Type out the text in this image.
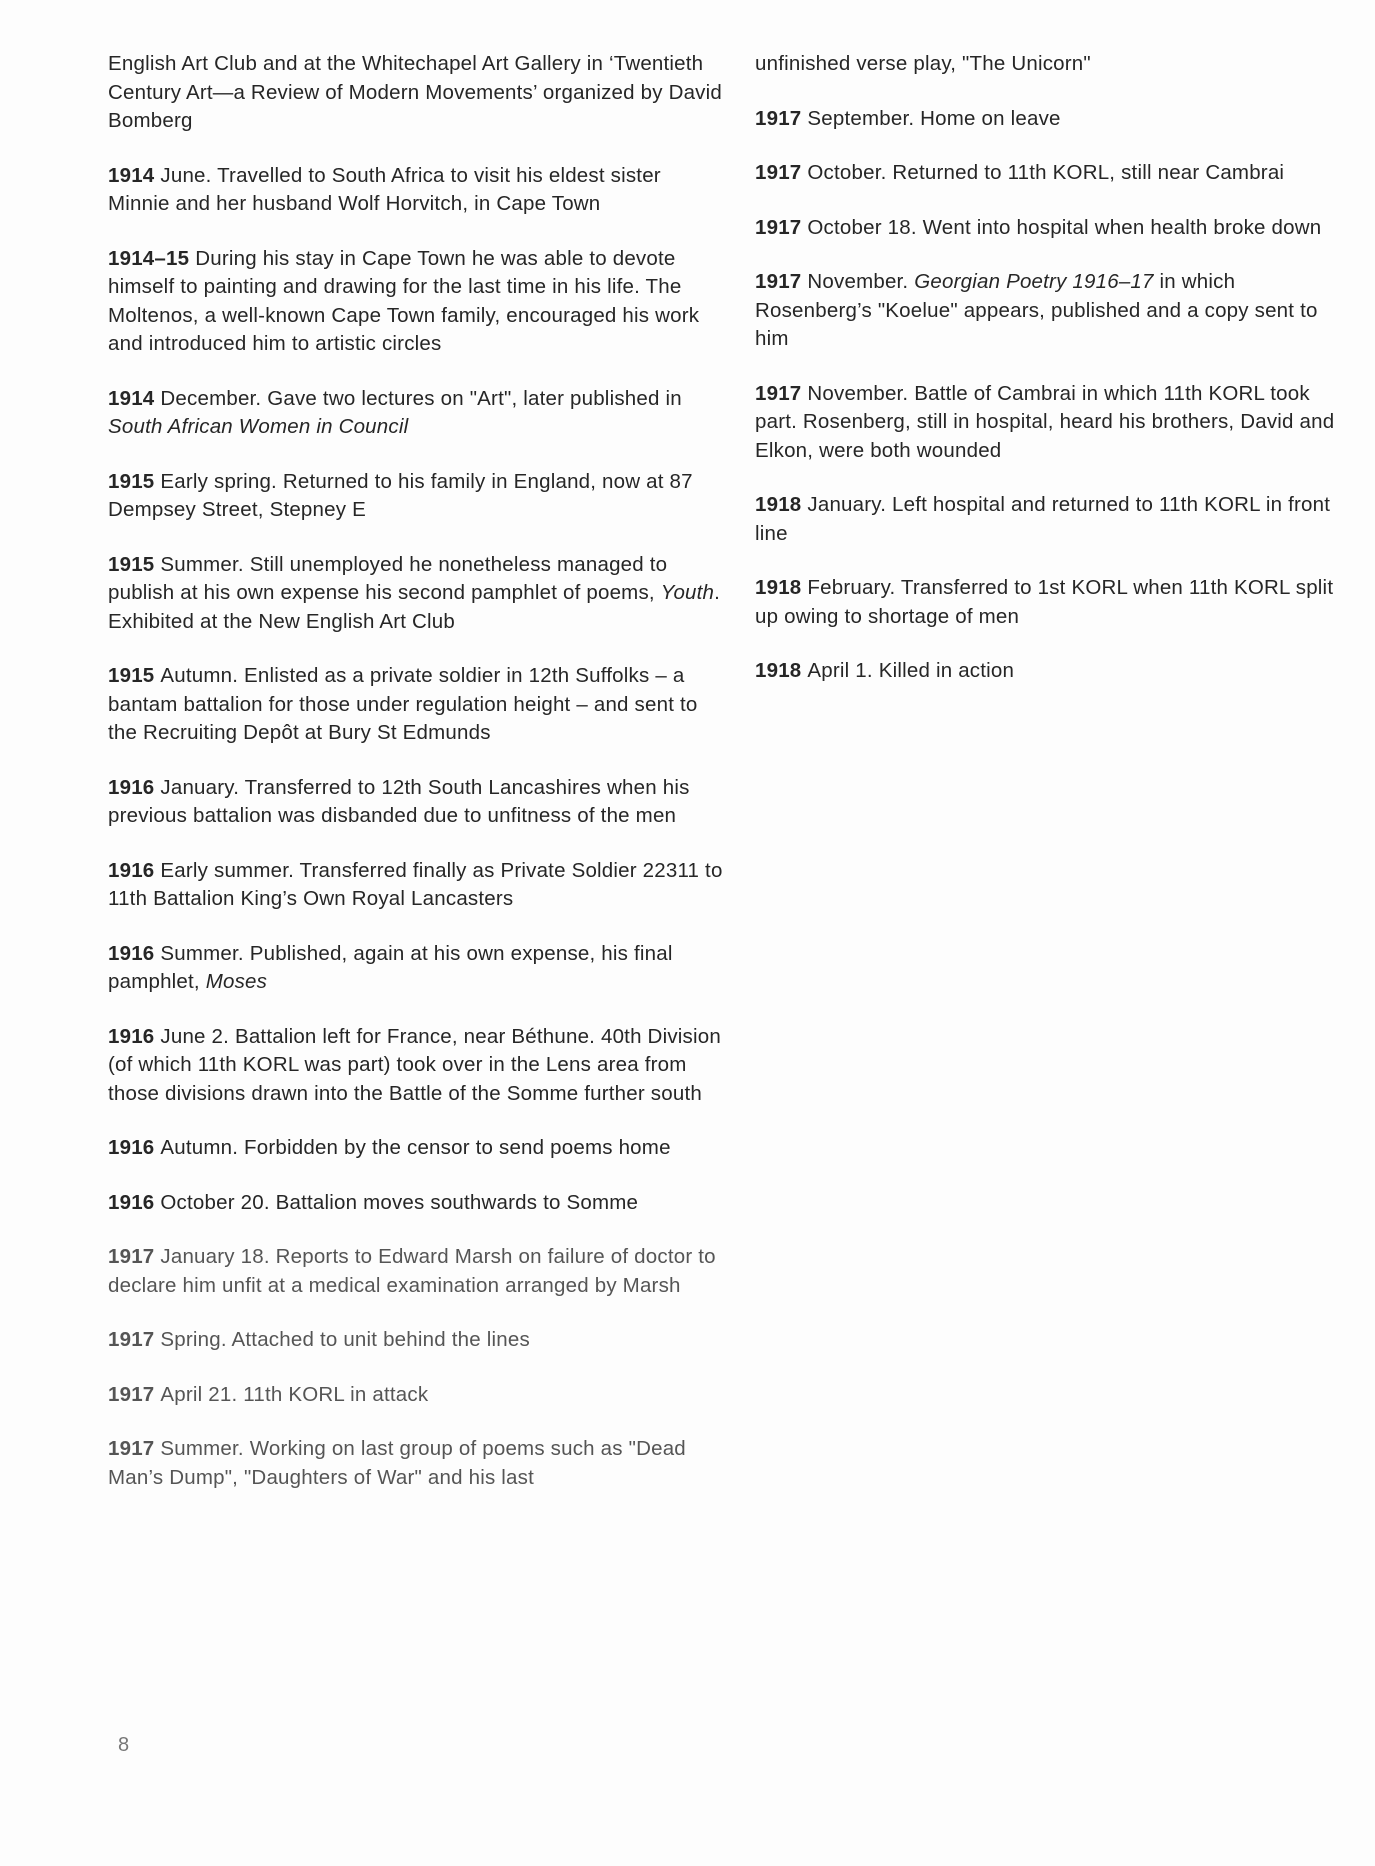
English Art Club and at the Whitechapel Art Gallery in ‘Twentieth Century Art—a Review of Modern Movements’ organized by David Bomberg

1914 June. Travelled to South Africa to visit his eldest sister Minnie and her husband Wolf Horvitch, in Cape Town

1914–15 During his stay in Cape Town he was able to devote himself to painting and drawing for the last time in his life. The Moltenos, a well-known Cape Town family, encouraged his work and introduced him to artistic circles

1914 December. Gave two lectures on "Art", later published in South African Women in Council

1915 Early spring. Returned to his family in England, now at 87 Dempsey Street, Stepney E

1915 Summer. Still unemployed he nonetheless managed to publish at his own expense his second pamphlet of poems, Youth. Exhibited at the New English Art Club

1915 Autumn. Enlisted as a private soldier in 12th Suffolks – a bantam battalion for those under regulation height – and sent to the Recruiting Depôt at Bury St Edmunds

1916 January. Transferred to 12th South Lancashires when his previous battalion was disbanded due to unfitness of the men

1916 Early summer. Transferred finally as Private Soldier 22311 to 11th Battalion King’s Own Royal Lancasters

1916 Summer. Published, again at his own expense, his final pamphlet, Moses

1916 June 2. Battalion left for France, near Béthune. 40th Division (of which 11th KORL was part) took over in the Lens area from those divisions drawn into the Battle of the Somme further south

1916 Autumn. Forbidden by the censor to send poems home

1916 October 20. Battalion moves southwards to Somme

1917 January 18. Reports to Edward Marsh on failure of doctor to declare him unfit at a medical examination arranged by Marsh

1917 Spring. Attached to unit behind the lines

1917 April 21. 11th KORL in attack

1917 Summer. Working on last group of poems such as "Dead Man’s Dump", "Daughters of War" and his last

unfinished verse play, "The Unicorn"

1917 September. Home on leave

1917 October. Returned to 11th KORL, still near Cambrai

1917 October 18. Went into hospital when health broke down

1917 November. Georgian Poetry 1916–17 in which Rosenberg’s "Koelue" appears, published and a copy sent to him

1917 November. Battle of Cambrai in which 11th KORL took part. Rosenberg, still in hospital, heard his brothers, David and Elkon, were both wounded

1918 January. Left hospital and returned to 11th KORL in front line

1918 February. Transferred to 1st KORL when 11th KORL split up owing to shortage of men

1918 April 1. Killed in action

8
